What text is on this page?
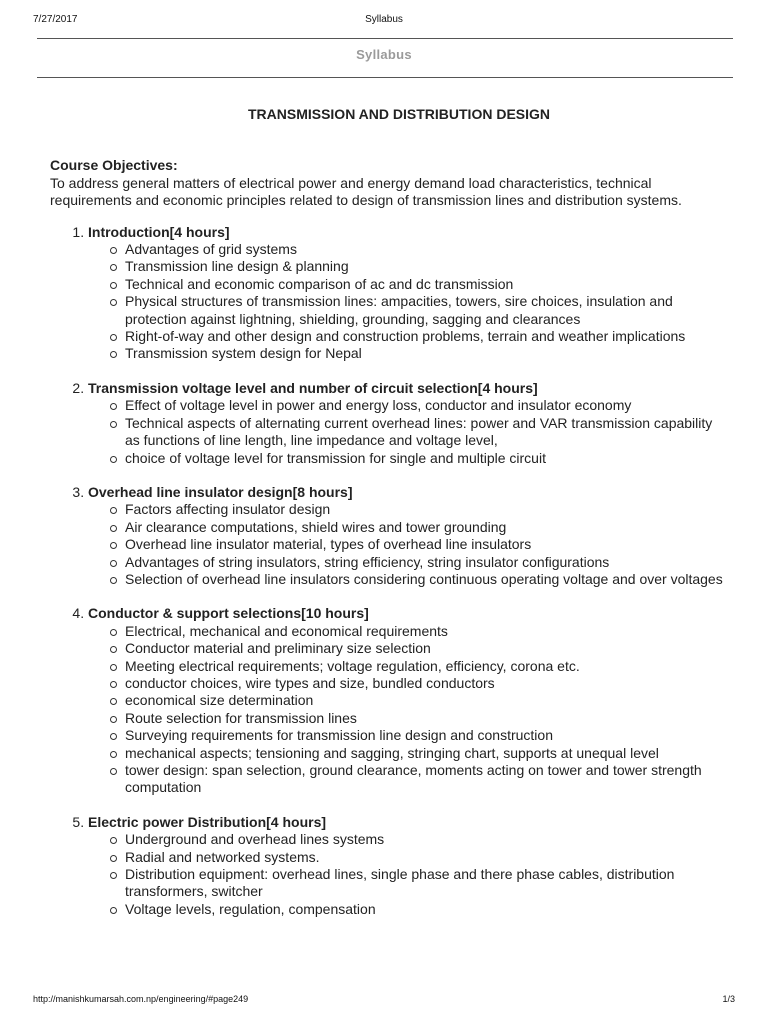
7/27/2017	Syllabus
Syllabus
TRANSMISSION AND DISTRIBUTION DESIGN
Course Objectives:

To address general matters of electrical power and energy demand load characteristics, technical requirements and economic principles related to design of transmission lines and distribution systems.

1. Introduction[4 hours]
Advantages of grid systems
Transmission line design & planning
Technical and economic comparison of ac and dc transmission
Physical structures of transmission lines: ampacities, towers, sire choices, insulation and protection against lightning, shielding, grounding, sagging and clearances
Right-of-way and other design and construction problems, terrain and weather implications
Transmission system design for Nepal
2. Transmission voltage level and number of circuit selection[4 hours]
Effect of voltage level in power and energy loss, conductor and insulator economy
Technical aspects of alternating current overhead lines: power and VAR transmission capability as functions of line length, line impedance and voltage level,
choice of voltage level for transmission for single and multiple circuit
3. Overhead line insulator design[8 hours]
Factors affecting insulator design
Air clearance computations, shield wires and tower grounding
Overhead line insulator material, types of overhead line insulators
Advantages of string insulators, string efficiency, string insulator configurations
Selection of overhead line insulators considering continuous operating voltage and over voltages
4. Conductor & support selections[10 hours]
Electrical, mechanical and economical requirements
Conductor material and preliminary size selection
Meeting electrical requirements; voltage regulation, efficiency, corona etc.
conductor choices, wire types and size, bundled conductors
economical size determination
Route selection for transmission lines
Surveying requirements for transmission line design and construction
mechanical aspects; tensioning and sagging, stringing chart, supports at unequal level
tower design: span selection, ground clearance, moments acting on tower and tower strength computation
5. Electric power Distribution[4 hours]
Underground and overhead lines systems
Radial and networked systems.
Distribution equipment: overhead lines, single phase and there phase cables, distribution transformers, switcher
Voltage levels, regulation, compensation
http://manishkumarsah.com.np/engineering/#page249	1/3
